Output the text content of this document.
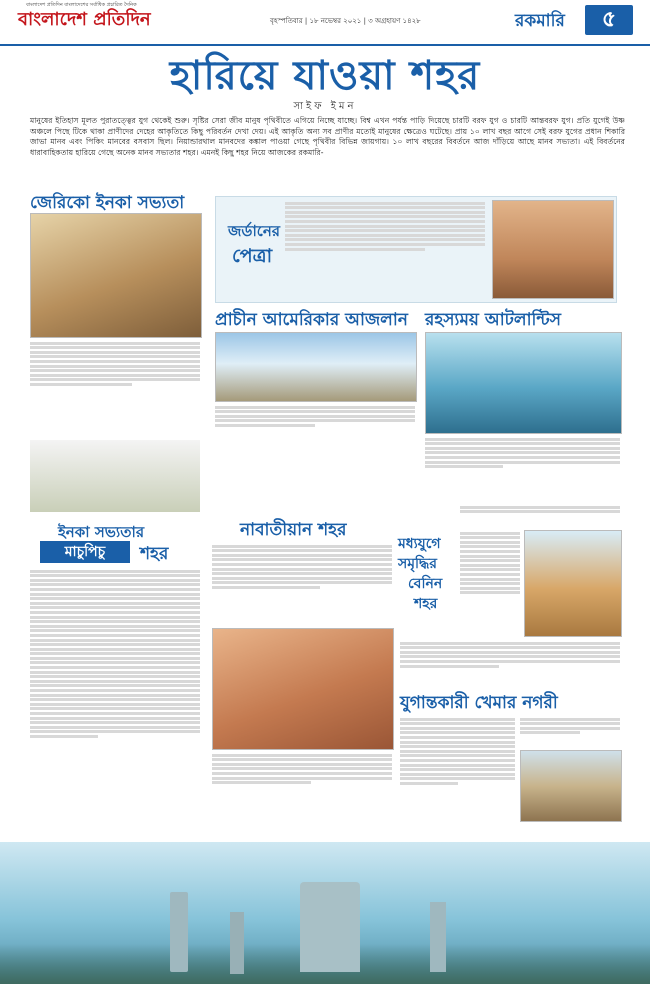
বাংলাদেশ প্রতিদিন বাংলাদেশের সর্বাধিক প্রচারিত দৈনিক
বাংলাদেশ প্রতিদিন	বৃহস্পতিবার | ১৮ নভেম্বর ২০২১ | ৩ অগ্রহায়ণ ১৪২৮	রকমারি	৫
হারিয়ে যাওয়া শহর
সাইফ ইমন
মানুষের ইতিহাস মূলত পুরাতত্ত্বের যুগ থেকেই শুরু। সৃষ্টির সেরা জীব মানুষ পৃথিবীতে এগিয়ে নিচ্ছে যাচ্ছে। বিশ্ব এখন পর্যন্ত পাড়ি দিয়েছে চারটি বরফ যুগ ও চারটি আন্তবরফ যুগ। প্রতি যুগেই উষ্ণ অঞ্চলে পিছে টিকে থাকা প্রাণীদের দেহের আকৃতিতে কিছু পরিবর্তন দেখা দেয়। এই আকৃতি অন্য সব প্রাণীর মতোই মানুষের ক্ষেত্রেও ঘটেছে। প্রায় ১০ লাখ বছর আগে সেই বরফ যুগের প্রধান শিকারি জাভা মানব এবং পিকিং মানবের বসবাস ছিল। নিয়ান্ডারথাল মানবদের কঙ্কাল পাওয়া গেছে পৃথিবীর বিভিন্ন জায়গায়। ১০ লাখ বছরের বিবর্তনে আজ দাঁড়িয়ে আছে মানব সভ্যতা। এই বিবর্তনের ধারাবাহিকতায় হারিয়ে গেছে অনেক মানব সভ্যতার শহর। এমনই কিছু শহর নিয়ে আজকের রকমারি-
জেরিকো ইনকা সভ্যতা
জর্ডানের
পেত্রা
প্রাচীন আমেরিকার আজলান রহস্যময় আটলান্টিস
ইনকা সভ্যতার
মাচুপিচু	শহর
নাবাতীয়ান শহর
মধ্যযুগে
সমৃদ্ধির
বেনিন
শহর
যুগান্তকারী খেমার নগরী
